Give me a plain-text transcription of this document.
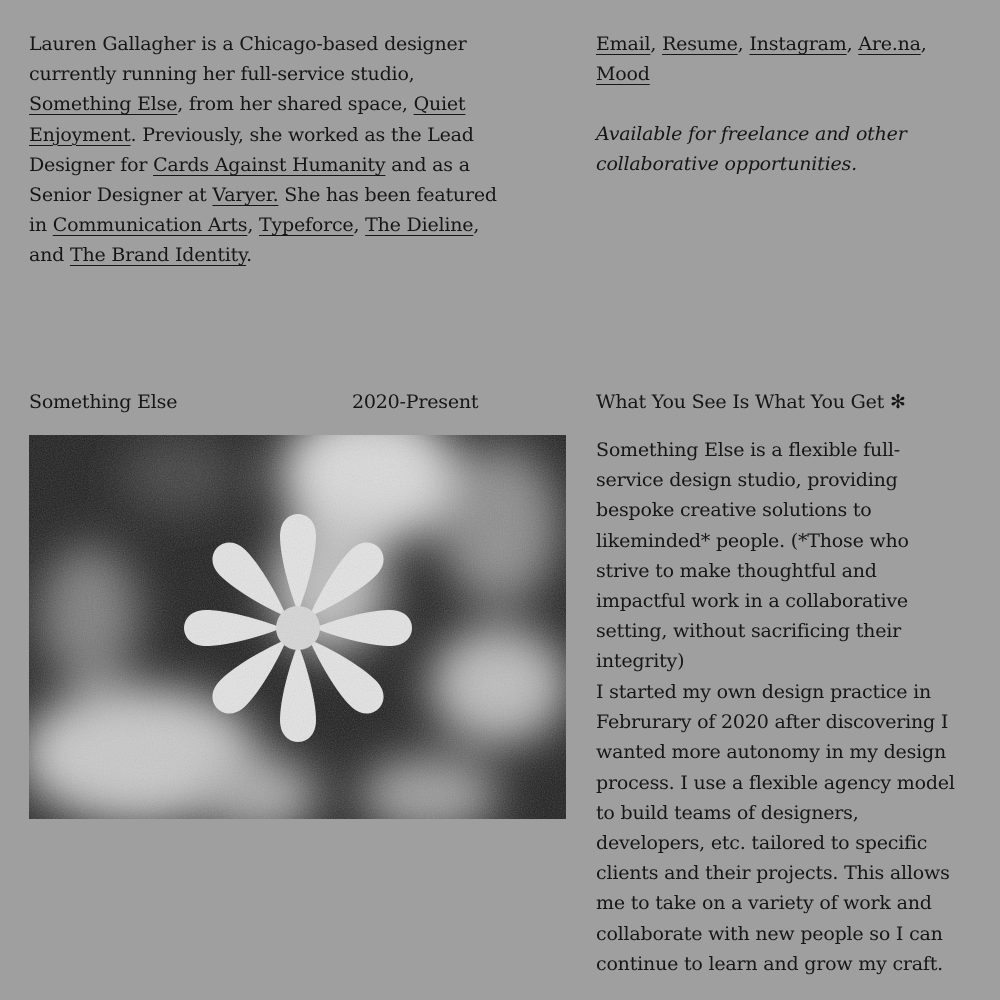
Lauren Gallagher is a Chicago-based designer currently running her full-service studio, Something Else, from her shared space, Quiet Enjoyment. Previously, she worked as the Lead Designer for Cards Against Humanity and as a Senior Designer at Varyer. She has been featured in Communication Arts, Typeforce, The Dieline, and The Brand Identity.
Email, Resume, Instagram, Are.na, Mood
Available for freelance and other collaborative opportunities.
Something Else	2020-Present	What You See Is What You Get ✻
Something Else is a flexible full-service design studio, providing bespoke creative solutions to likeminded* people. (*Those who strive to make thoughtful and impactful work in a collaborative setting, without sacrificing their integrity)
I started my own design practice in Februrary of 2020 after discovering I wanted more autonomy in my design process. I use a flexible agency model to build teams of designers, developers, etc. tailored to specific clients and their projects. This allows me to take on a variety of work and collaborate with new people so I can continue to learn and grow my craft.
